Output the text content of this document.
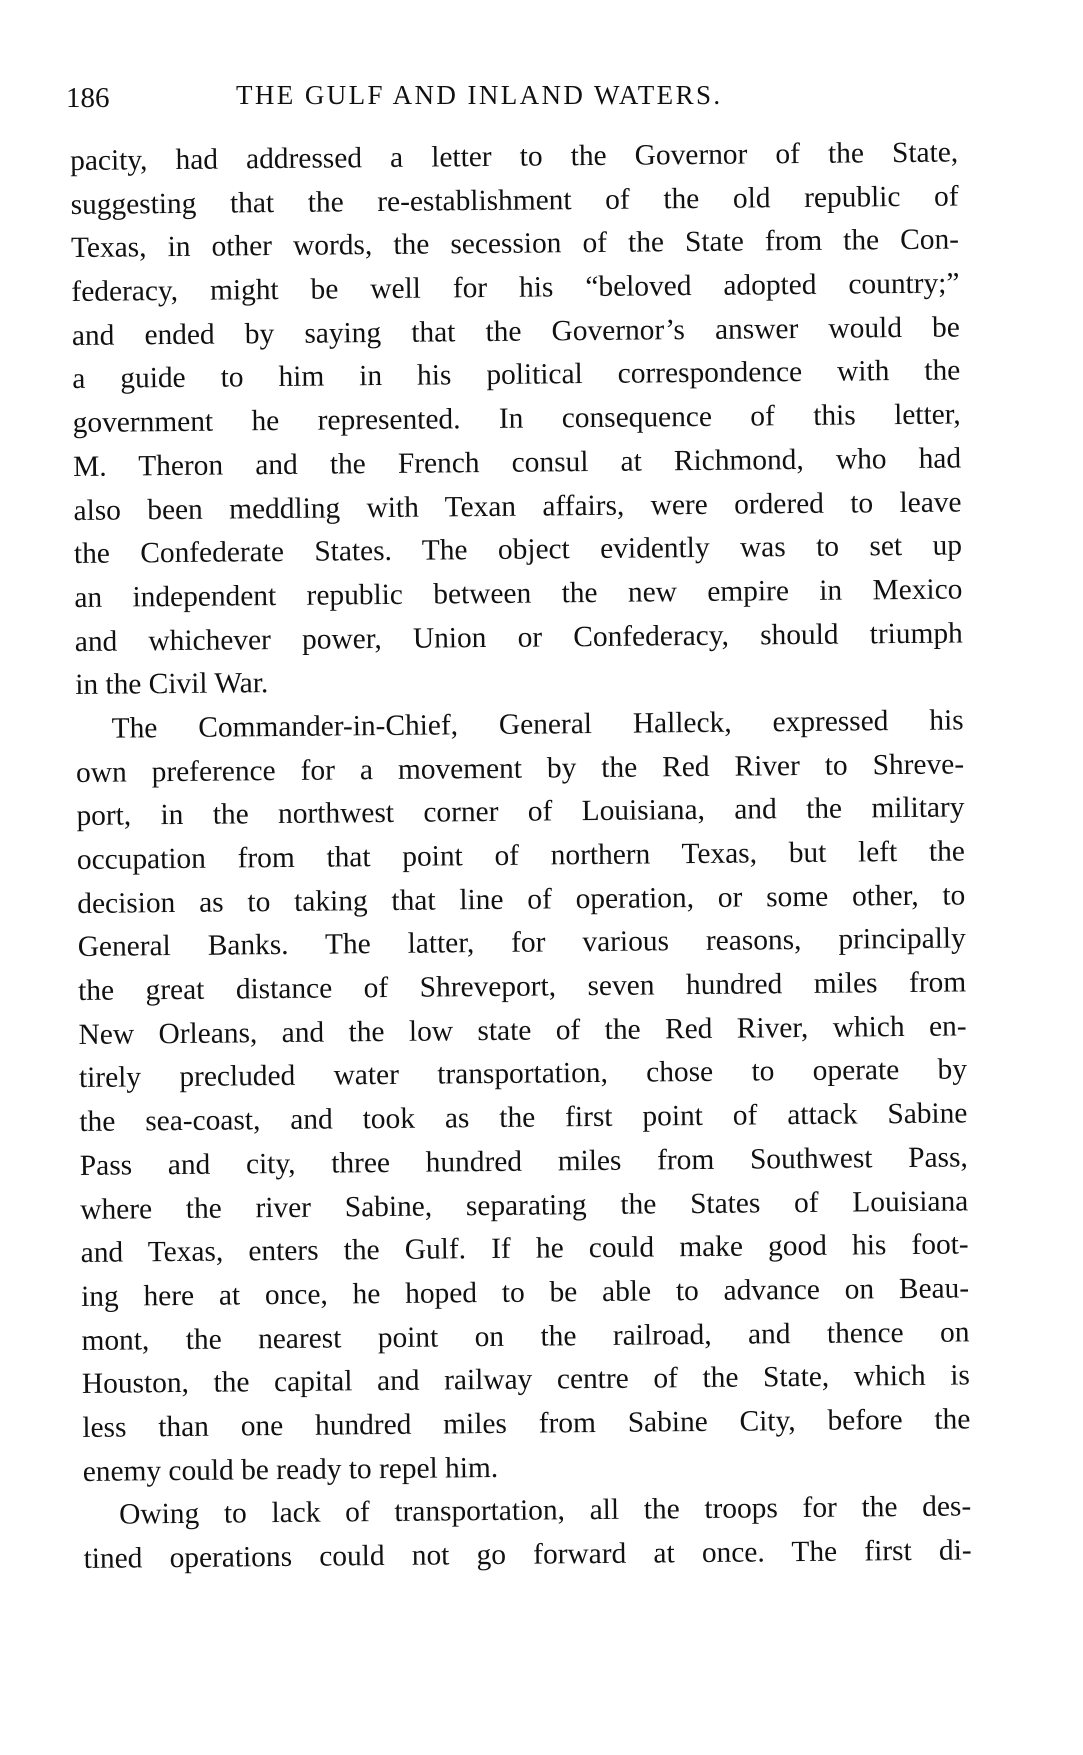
186	THE GULF AND INLAND WATERS.
pacity, had addressed a letter to the Governor of the State,
suggesting that the re-establishment of the old republic of
Texas, in other words, the secession of the State from the Con-
federacy, might be well for his “beloved adopted country;”
and ended by saying that the Governor’s answer would be
a guide to him in his political correspondence with the
government he represented. In consequence of this letter,
M. Theron and the French consul at Richmond, who had
also been meddling with Texan affairs, were ordered to leave
the Confederate States. The object evidently was to set up
an independent republic between the new empire in Mexico
and whichever power, Union or Confederacy, should triumph
in the Civil War.
The Commander-in-Chief, General Halleck, expressed his
own preference for a movement by the Red River to Shreve-
port, in the northwest corner of Louisiana, and the military
occupation from that point of northern Texas, but left the
decision as to taking that line of operation, or some other, to
General Banks. The latter, for various reasons, principally
the great distance of Shreveport, seven hundred miles from
New Orleans, and the low state of the Red River, which en-
tirely precluded water transportation, chose to operate by
the sea-coast, and took as the first point of attack Sabine
Pass and city, three hundred miles from Southwest Pass,
where the river Sabine, separating the States of Louisiana
and Texas, enters the Gulf. If he could make good his foot-
ing here at once, he hoped to be able to advance on Beau-
mont, the nearest point on the railroad, and thence on
Houston, the capital and railway centre of the State, which is
less than one hundred miles from Sabine City, before the
enemy could be ready to repel him.
Owing to lack of transportation, all the troops for the des-
tined operations could not go forward at once. The first di-
